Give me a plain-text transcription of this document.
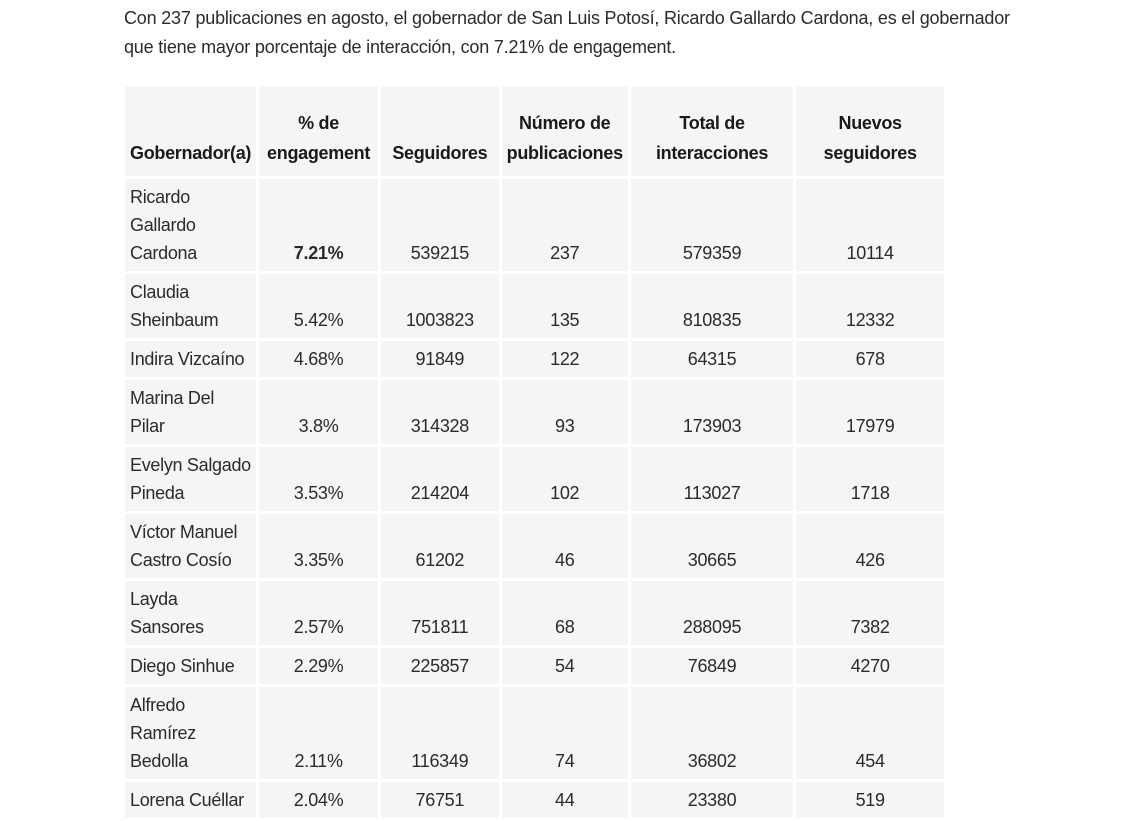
Con 237 publicaciones en agosto, el gobernador de San Luis Potosí, Ricardo Gallardo Cardona, es el gobernador que tiene mayor porcentaje de interacción, con 7.21% de engagement.

Gobernador(a)	% de engagement	Seguidores	Número de publicaciones	Total de interacciones	Nuevos seguidores
Ricardo Gallardo Cardona	7.21%	539215	237	579359	10114
Claudia Sheinbaum	5.42%	1003823	135	810835	12332
Indira Vizcaíno	4.68%	91849	122	64315	678
Marina Del Pilar	3.8%	314328	93	173903	17979
Evelyn Salgado Pineda	3.53%	214204	102	113027	1718
Víctor Manuel Castro Cosío	3.35%	61202	46	30665	426
Layda Sansores	2.57%	751811	68	288095	7382
Diego Sinhue	2.29%	225857	54	76849	4270
Alfredo Ramírez Bedolla	2.11%	116349	74	36802	454
Lorena Cuéllar	2.04%	76751	44	23380	519
